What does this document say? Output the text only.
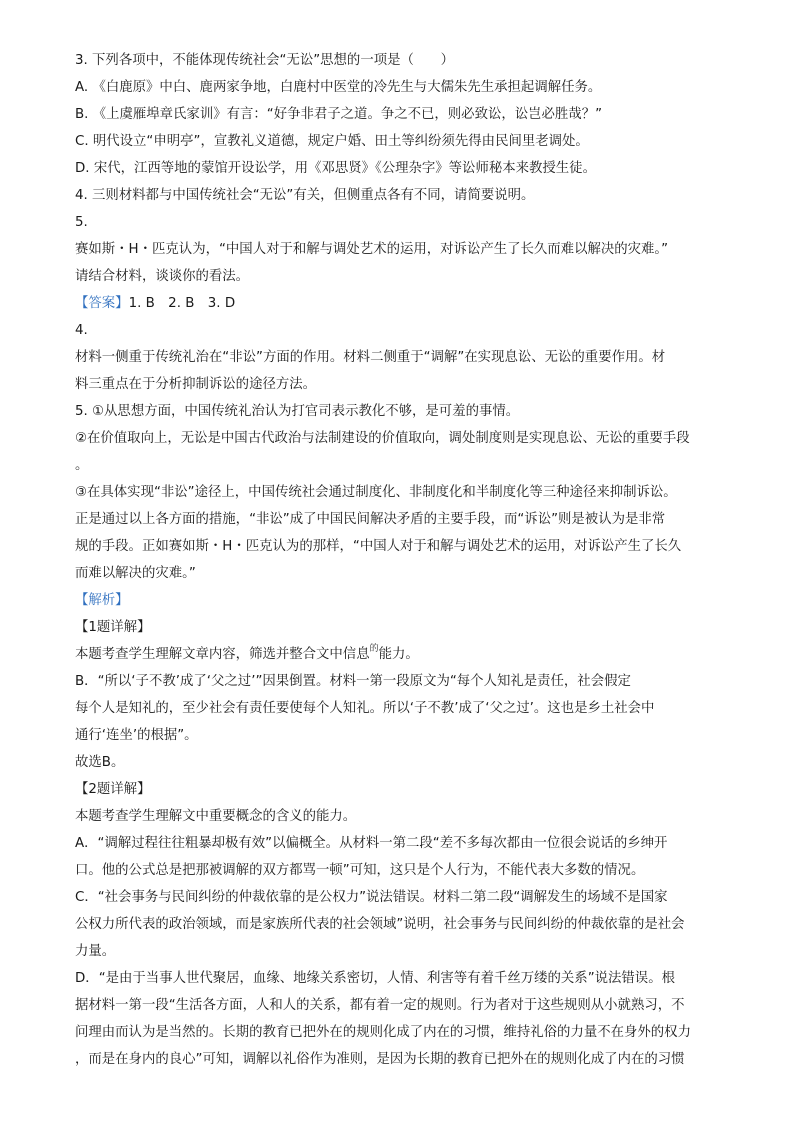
3. 下列各项中，不能体现传统社会“无讼”思想的一项是（　　）
A. 《白鹿原》中白、鹿两家争地，白鹿村中医堂的冷先生与大儒朱先生承担起调解任务。
B. 《上虞雁埠章氏家训》有言：“好争非君子之道。争之不已，则必致讼，讼岂必胜哉？”
C. 明代设立“申明亭”，宣教礼义道德，规定户婚、田土等纠纷须先得由民间里老调处。
D. 宋代，江西等地的蒙馆开设讼学，用《邓思贤》《公理杂字》等讼师秘本来教授生徒。
4. 三则材料都与中国传统社会“无讼”有关，但侧重点各有不同，请简要说明。
5.
赛如斯・H・匹克认为，“中国人对于和解与调处艺术的运用，对诉讼产生了长久而难以解决的灾难。”
请结合材料，谈谈你的看法。
【答案】1. B　2. B　3. D
4.
材料一侧重于传统礼治在“非讼”方面的作用。材料二侧重于“调解”在实现息讼、无讼的重要作用。材
料三重点在于分析抑制诉讼的途径方法。
5. ①从思想方面，中国传统礼治认为打官司表示教化不够，是可羞的事情。
②在价值取向上，无讼是中国古代政治与法制建设的价值取向，调处制度则是实现息讼、无讼的重要手段
。
③在具体实现“非讼”途径上，中国传统社会通过制度化、非制度化和半制度化等三种途径来抑制诉讼。
正是通过以上各方面的措施，“非讼”成了中国民间解决矛盾的主要手段，而“诉讼”则是被认为是非常
规的手段。正如赛如斯・H・匹克认为的那样，“中国人对于和解与调处艺术的运用，对诉讼产生了长久
而难以解决的灾难。”
【解析】
【1题详解】
本题考查学生理解文章内容，筛选并整合文中信息$^的$能力。
B．“所以‘子不教’成了‘父之过’”因果倒置。材料一第一段原文为“每个人知礼是责任，社会假定
每个人是知礼的，至少社会有责任要使每个人知礼。所以‘子不教’成了‘父之过’。这也是乡土社会中
通行‘连坐’的根据”。
故选B。
【2题详解】
本题考查学生理解文中重要概念的含义的能力。
A．“调解过程往往粗暴却极有效”以偏概全。从材料一第二段“差不多每次都由一位很会说话的乡绅开
口。他的公式总是把那被调解的双方都骂一顿”可知，这只是个人行为，不能代表大多数的情况。
C．“社会事务与民间纠纷的仲裁依靠的是公权力”说法错误。材料二第二段“调解发生的场域不是国家
公权力所代表的政治领域，而是家族所代表的社会领域”说明，社会事务与民间纠纷的仲裁依靠的是社会
力量。
D．“是由于当事人世代聚居，血缘、地缘关系密切，人情、利害等有着千丝万缕的关系”说法错误。根
据材料一第一段“生活各方面，人和人的关系，都有着一定的规则。行为者对于这些规则从小就熟习，不
问理由而认为是当然的。长期的教育已把外在的规则化成了内在的习惯，维持礼俗的力量不在身外的权力
，而是在身内的良心”可知，调解以礼俗作为准则，是因为长期的教育已把外在的规则化成了内在的习惯
